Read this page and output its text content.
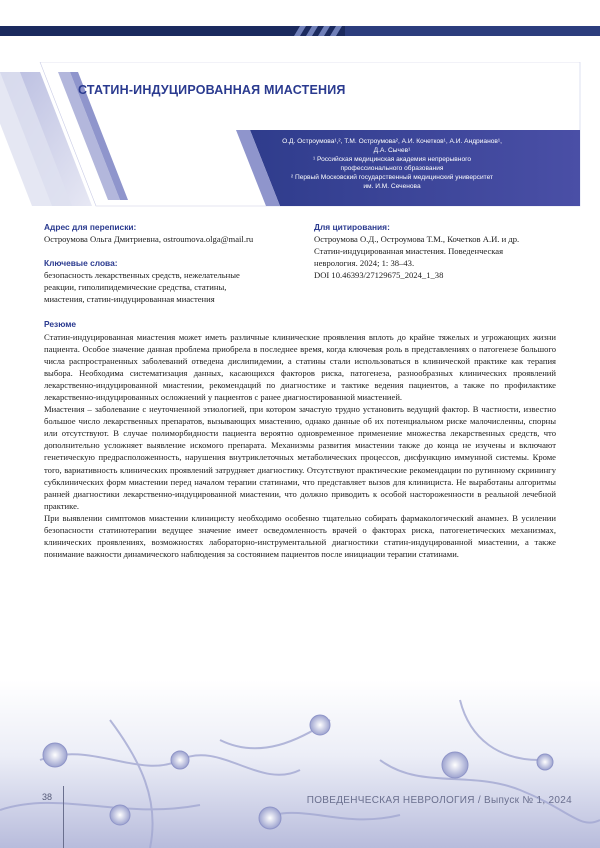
СТАТИН-ИНДУЦИРОВАННАЯ МИАСТЕНИЯ
О.Д. Остроумова¹,², Т.М. Остроумова², А.И. Кочетков¹, А.И. Андрианов¹,
Д.А. Сычев¹
¹ Российская медицинская академия непрерывного
профессионального образования
² Первый Московский государственный медицинский университет
им. И.М. Сеченова
Адрес для переписки:
Остроумова Ольга Дмитриевна, ostroumova.olga@mail.ru
Ключевые слова:
безопасность лекарственных средств, нежелательные
реакции, гиполипидемические средства, статины,
миастения, статин-индуцированная миастения
Для цитирования:
Остроумова О.Д., Остроумова Т.М., Кочетков А.И. и др.
Статин-индуцированная миастения. Поведенческая
неврология. 2024; 1: 38–43.
DOI 10.46393/27129675_2024_1_38
Резюме

Статин-индуцированная миастения может иметь различные клинические проявления вплоть до крайне тяжелых и угрожающих жизни пациента. Особое значение данная проблема приобрела в последнее время, когда ключевая роль в представлениях о патогенезе большого числа распространенных заболеваний отведена дислипидемии, а статины стали использоваться в клинической практике как терапия выбора. Необходима систематизация данных, касающихся факторов риска, патогенеза, разнообразных клинических проявлений лекарственно-индуцированной миастении, рекомендаций по диагностике и тактике ведения пациентов, а также по профилактике лекарственно-индуцированных осложнений у пациентов с ранее диагностированной миастенией.

Миастения – заболевание с неуточненной этиологией, при котором зачастую трудно установить ведущий фактор. В частности, известно большое число лекарственных препаратов, вызывающих миастению, однако данные об их потенциальном риске малочисленны, спорны или отсутствуют. В случае полиморбидности пациента вероятно одновременное применение множества лекарственных средств, что дополнительно усложняет выявление искомого препарата. Механизмы развития миастении также до конца не изучены и включают генетическую предрасположенность, нарушения внутриклеточных метаболических процессов, дисфункцию иммунной системы. Кроме того, вариативность клинических проявлений затрудняет диагностику. Отсутствуют практические рекомендации по рутинному скринингу субклинических форм миастении перед началом терапии статинами, что представляет вызов для клинициста. Не выработаны алгоритмы ранней диагностики лекарственно-индуцированной миастении, что должно приводить к особой настороженности в реальной лечебной практике.

При выявлении симптомов миастении клиницисту необходимо особенно тщательно собирать фармакологический анамнез. В усилении безопасности статинотерапии ведущее значение имеет осведомленность врачей о факторах риска, патогенетических механизмах, клинических проявлениях, возможностях лабораторно-инструментальной диагностики статин-индуцированной миастении, а также понимание важности динамического наблюдения за состоянием пациентов после инициации терапии статинами.

38	ПОВЕДЕНЧЕСКАЯ НЕВРОЛОГИЯ / Выпуск № 1, 2024
